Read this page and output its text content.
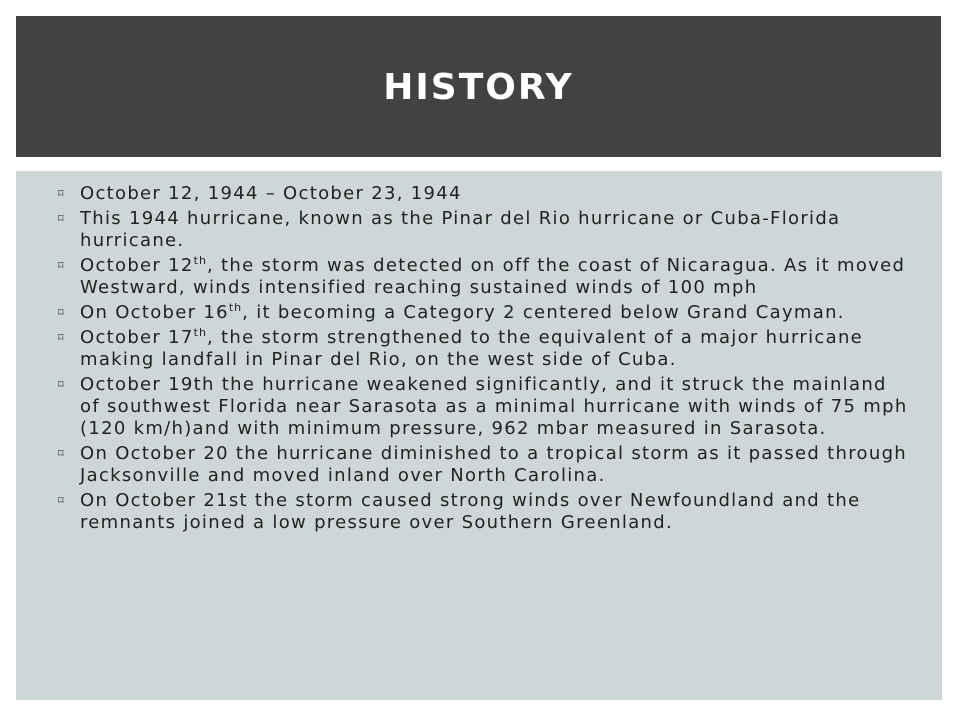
HISTORY
⌑ October 12, 1944 – October 23, 1944
⌑ This 1944 hurricane, known as the Pinar del Rio hurricane or Cuba-Florida hurricane.
⌑ October 12th, the storm was detected on off the coast of Nicaragua. As it moved Westward, winds intensified reaching sustained winds of 100 mph
⌑ On October 16th, it becoming a Category 2 centered below Grand Cayman.
⌑ October 17th, the storm strengthened to the equivalent of a major hurricane making landfall in Pinar del Rio, on the west side of Cuba.
⌑ October 19th the hurricane weakened significantly, and it struck the mainland of southwest Florida near Sarasota as a minimal hurricane with winds of 75 mph (120 km/h)and with minimum pressure, 962 mbar measured in Sarasota.
⌑ On October 20 the hurricane diminished to a tropical storm as it passed through Jacksonville and moved inland over North Carolina.
⌑ On October 21st the storm caused strong winds over Newfoundland and the remnants joined a low pressure over Southern Greenland.
